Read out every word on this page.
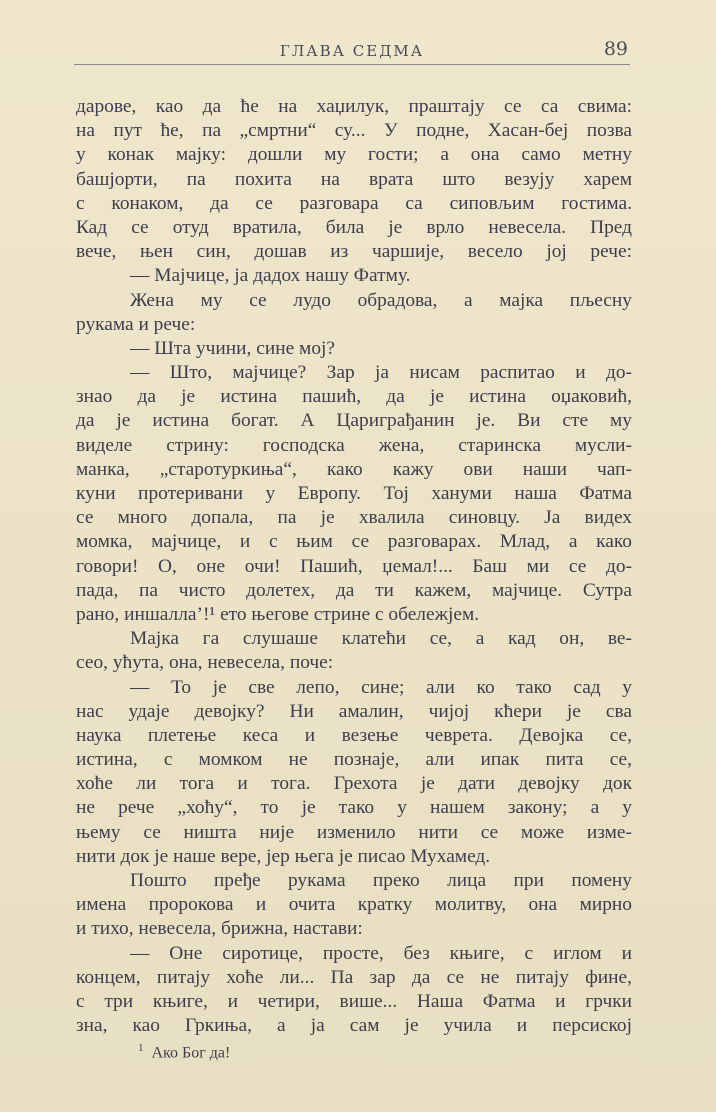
ГЛАВА СЕДМА	89
дарове, као да ће на хаџилук, праштају се са свима:
на пут ће, па „смртни“ су... У подне, Хасан-беј позва
у конак мајку: дошли му гости; а она само метну
башјорти, па похита на врата што везују харем
с конаком, да се разговара са сиповљим гостима.
Кад се отуд вратила, била је врло невесела. Пред
вече, њен син, дошав из чаршије, весело јој рече:
— Мајчице, ја дадох нашу Фатму.
Жена му се лудо обрадова, а мајка пљесну
рукама и рече:
— Шта учини, сине мој?
— Што, мајчице? Зар ја нисам распитао и до-
знао да је истина пашић, да је истина оџаковић,
да је истина богат. А Цариграђанин је. Ви сте му
виделе стрину: господска жена, старинска мусли-
манка, „старотуркиња“, како кажу ови наши чап-
куни протеривани у Европу. Тој хануми наша Фатма
се много допала, па је хвалила синовцу. Ја видех
момка, мајчице, и с њим се разговарах. Млад, а како
говори! О, оне очи! Пашић, џемал!... Баш ми се до-
пада, па чисто долетех, да ти кажем, мајчице. Сутра
рано, иншалла’!¹ ето његове стрине с обележјем.
Мајка га слушаше клатећи се, а кад он, ве-
сео, ућута, она, невесела, поче:
— То је све лепо, сине; али ко тако сад у
нас удаје девојку? Ни амалин, чијој кћери је сва
наука плетење кеса и везење чеврета. Девојка се,
истина, с момком не познаје, али ипак пита се,
хоће ли тога и тога. Грехота је дати девојку док
не рече „хоћу“, то је тако у нашем закону; а у
њему се ништа није изменило нити се може изме-
нити док је наше вере, јер њега је писао Мухамед.
Пошто пређе рукама преко лица при помену
имена пророкова и очита кратку молитву, она мирно
и тихо, невесела, брижна, настави:
— Оне сиротице, просте, без књиге, с иглом и
концем, питају хоће ли... Па зар да се не питају фине,
с три књиге, и четири, више... Наша Фатма и грчки
зна, као Гркиња, а ја сам је учила и персиској
$^1$ Ако Бог да!
